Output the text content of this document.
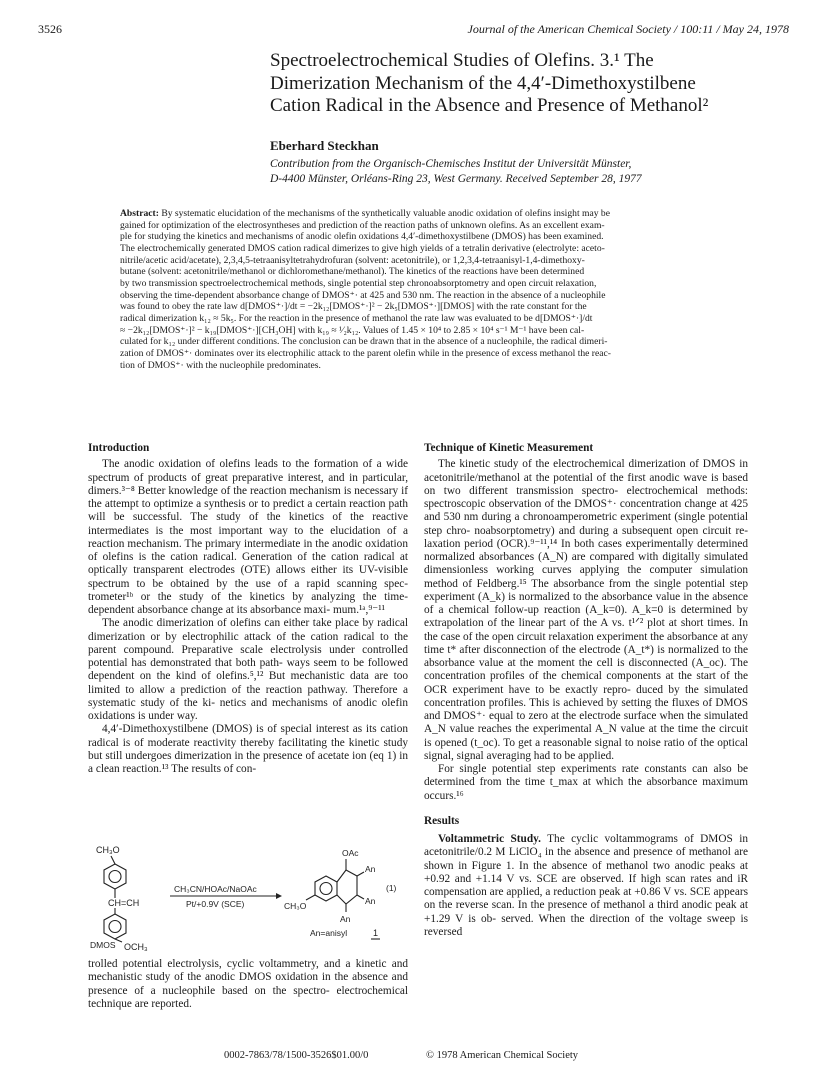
3526	Journal of the American Chemical Society / 100:11 / May 24, 1978
Spectroelectrochemical Studies of Olefins. 3.¹ The
Dimerization Mechanism of the 4,4′-Dimethoxystilbene
Cation Radical in the Absence and Presence of Methanol²
Eberhard Steckhan
Contribution from the Organisch-Chemisches Institut der Universität Münster,
D-4400 Münster, Orléans-Ring 23, West Germany. Received September 28, 1977
Abstract: By systematic elucidation of the mechanisms of the synthetically valuable anodic oxidation of olefins insight may be
gained for optimization of the electrosyntheses and prediction of the reaction paths of unknown olefins. As an excellent exam-
ple for studying the kinetics and mechanisms of anodic olefin oxidations 4,4′-dimethoxystilbene (DMOS) has been examined.
The electrochemically generated DMOS cation radical dimerizes to give high yields of a tetralin derivative (electrolyte: aceto-
nitrile/acetic acid/acetate), 2,3,4,5-tetraanisyltetrahydrofuran (solvent: acetonitrile), or 1,2,3,4-tetraanisyl-1,4-dimethoxy-
butane (solvent: acetonitrile/methanol or dichloromethane/methanol). The kinetics of the reactions have been determined
by two transmission spectroelectrochemical methods, single potential step chronoabsorptometry and open circuit relaxation,
observing the time-dependent absorbance change of DMOS⁺· at 425 and 530 nm. The reaction in the absence of a nucleophile
was found to obey the rate law d[DMOS⁺·]/dt = −2k₁₂[DMOS⁺·]² − 2k₅[DMOS⁺·][DMOS] with the rate constant for the
radical dimerization k₁₂ ≈ 5k₅. For the reaction in the presence of methanol the rate law was evaluated to be d[DMOS⁺·]/dt
≈ −2k₁₂[DMOS⁺·]² − k₁₉[DMOS⁺·][CH₃OH] with k₁₉ ≈ ¹⁄₂k₁₂. Values of 1.45 × 10⁴ to 2.85 × 10⁴ s⁻¹ M⁻¹ have been cal-
culated for k₁₂ under different conditions. The conclusion can be drawn that in the absence of a nucleophile, the radical dimeri-
zation of DMOS⁺· dominates over its electrophilic attack to the parent olefin while in the presence of excess methanol the reac-
tion of DMOS⁺· with the nucleophile predominates.
Introduction

The anodic oxidation of olefins leads to the formation of a wide spectrum of products of great preparative interest, and in particular, dimers.³⁻⁸ Better knowledge of the reaction mechanism is necessary if the attempt to optimize a synthesis or to predict a certain reaction path will be successful. The study of the kinetics of the reactive intermediates is the most important way to the elucidation of a reaction mechanism. The primary intermediate in the anodic oxidation of olefins is the cation radical. Generation of the cation radical at optically transparent electrodes (OTE) allows either its UV-visible spectrum to be obtained by the use of a rapid scanning spec- trometer¹ᵇ or the study of the kinetics by analyzing the time- dependent absorbance change at its absorbance maxi- mum.¹ᵃ,⁹⁻¹¹

The anodic dimerization of olefins can either take place by radical dimerization or by electrophilic attack of the cation radical to the parent compound. Preparative scale electrolysis under controlled potential has demonstrated that both path- ways seem to be followed dependent on the kind of olefins.⁵,¹² But mechanistic data are too limited to allow a prediction of the reaction pathway. Therefore a systematic study of the ki- netics and mechanisms of anodic olefin oxidations is under way.

4,4′-Dimethoxystilbene (DMOS) is of special interest as its cation radical is of moderate reactivity thereby facilitating the kinetic study but still undergoes dimerization in the presence of acetate ion (eq 1) in a clean reaction.¹³ The results of con-

CH₃O
CH=CH
DMOS OCH₃
CH₃CN/HOAc/NaOAc
Pt/+0.9V (SCE)
OAc
An
An
(1)
CH₃O
An
An=anisyl	1

trolled potential electrolysis, cyclic voltammetry, and a kinetic and mechanistic study of the anodic DMOS oxidation in the absence and presence of a nucleophile based on the spectro- electrochemical technique are reported.

Technique of Kinetic Measurement

The kinetic study of the electrochemical dimerization of DMOS in acetonitrile/methanol at the potential of the first anodic wave is based on two different transmission spectro- electrochemical methods: spectroscopic observation of the DMOS⁺· concentration change at 425 and 530 nm during a chronoamperometric experiment (single potential step chro- noabsorptometry) and during a subsequent open circuit re- laxation period (OCR).⁹⁻¹¹,¹⁴ In both cases experimentally determined normalized absorbances (A_N) are compared with digitally simulated dimensionless working curves applying the computer simulation method of Feldberg.¹⁵ The absorbance from the single potential step experiment (A_k) is normalized to the absorbance value in the absence of a chemical follow-up reaction (A_k=0). A_k=0 is determined by extrapolation of the linear part of the A vs. t¹ᐟ² plot at short times. In the case of the open circuit relaxation experiment the absorbance at any time t* after disconnection of the electrode (A_t*) is normalized to the absorbance value at the moment the cell is disconnected (A_oc). The concentration profiles of the chemical components at the start of the OCR experiment have to be exactly repro- duced by the simulated concentration profiles. This is achieved by setting the fluxes of DMOS and DMOS⁺· equal to zero at the electrode surface when the simulated A_N value reaches the experimental A_N value at the time the circuit is opened (t_oc). To get a reasonable signal to noise ratio of the optical signal, signal averaging had to be applied.

For single potential step experiments rate constants can also be determined from the time t_max at which the absorbance maximum occurs.¹⁶

Results

Voltammetric Study. The cyclic voltammograms of DMOS in acetonitrile/0.2 M LiClO₄ in the absence and presence of methanol are shown in Figure 1. In the absence of methanol two anodic peaks at +0.92 and +1.14 V vs. SCE are observed. If high scan rates and iR compensation are applied, a reduction peak at +0.86 V vs. SCE appears on the reverse scan. In the presence of methanol a third anodic peak at +1.29 V is ob- served. When the direction of the voltage sweep is reversed

0002-7863/78/1500-3526$01.00/0	© 1978 American Chemical Society
